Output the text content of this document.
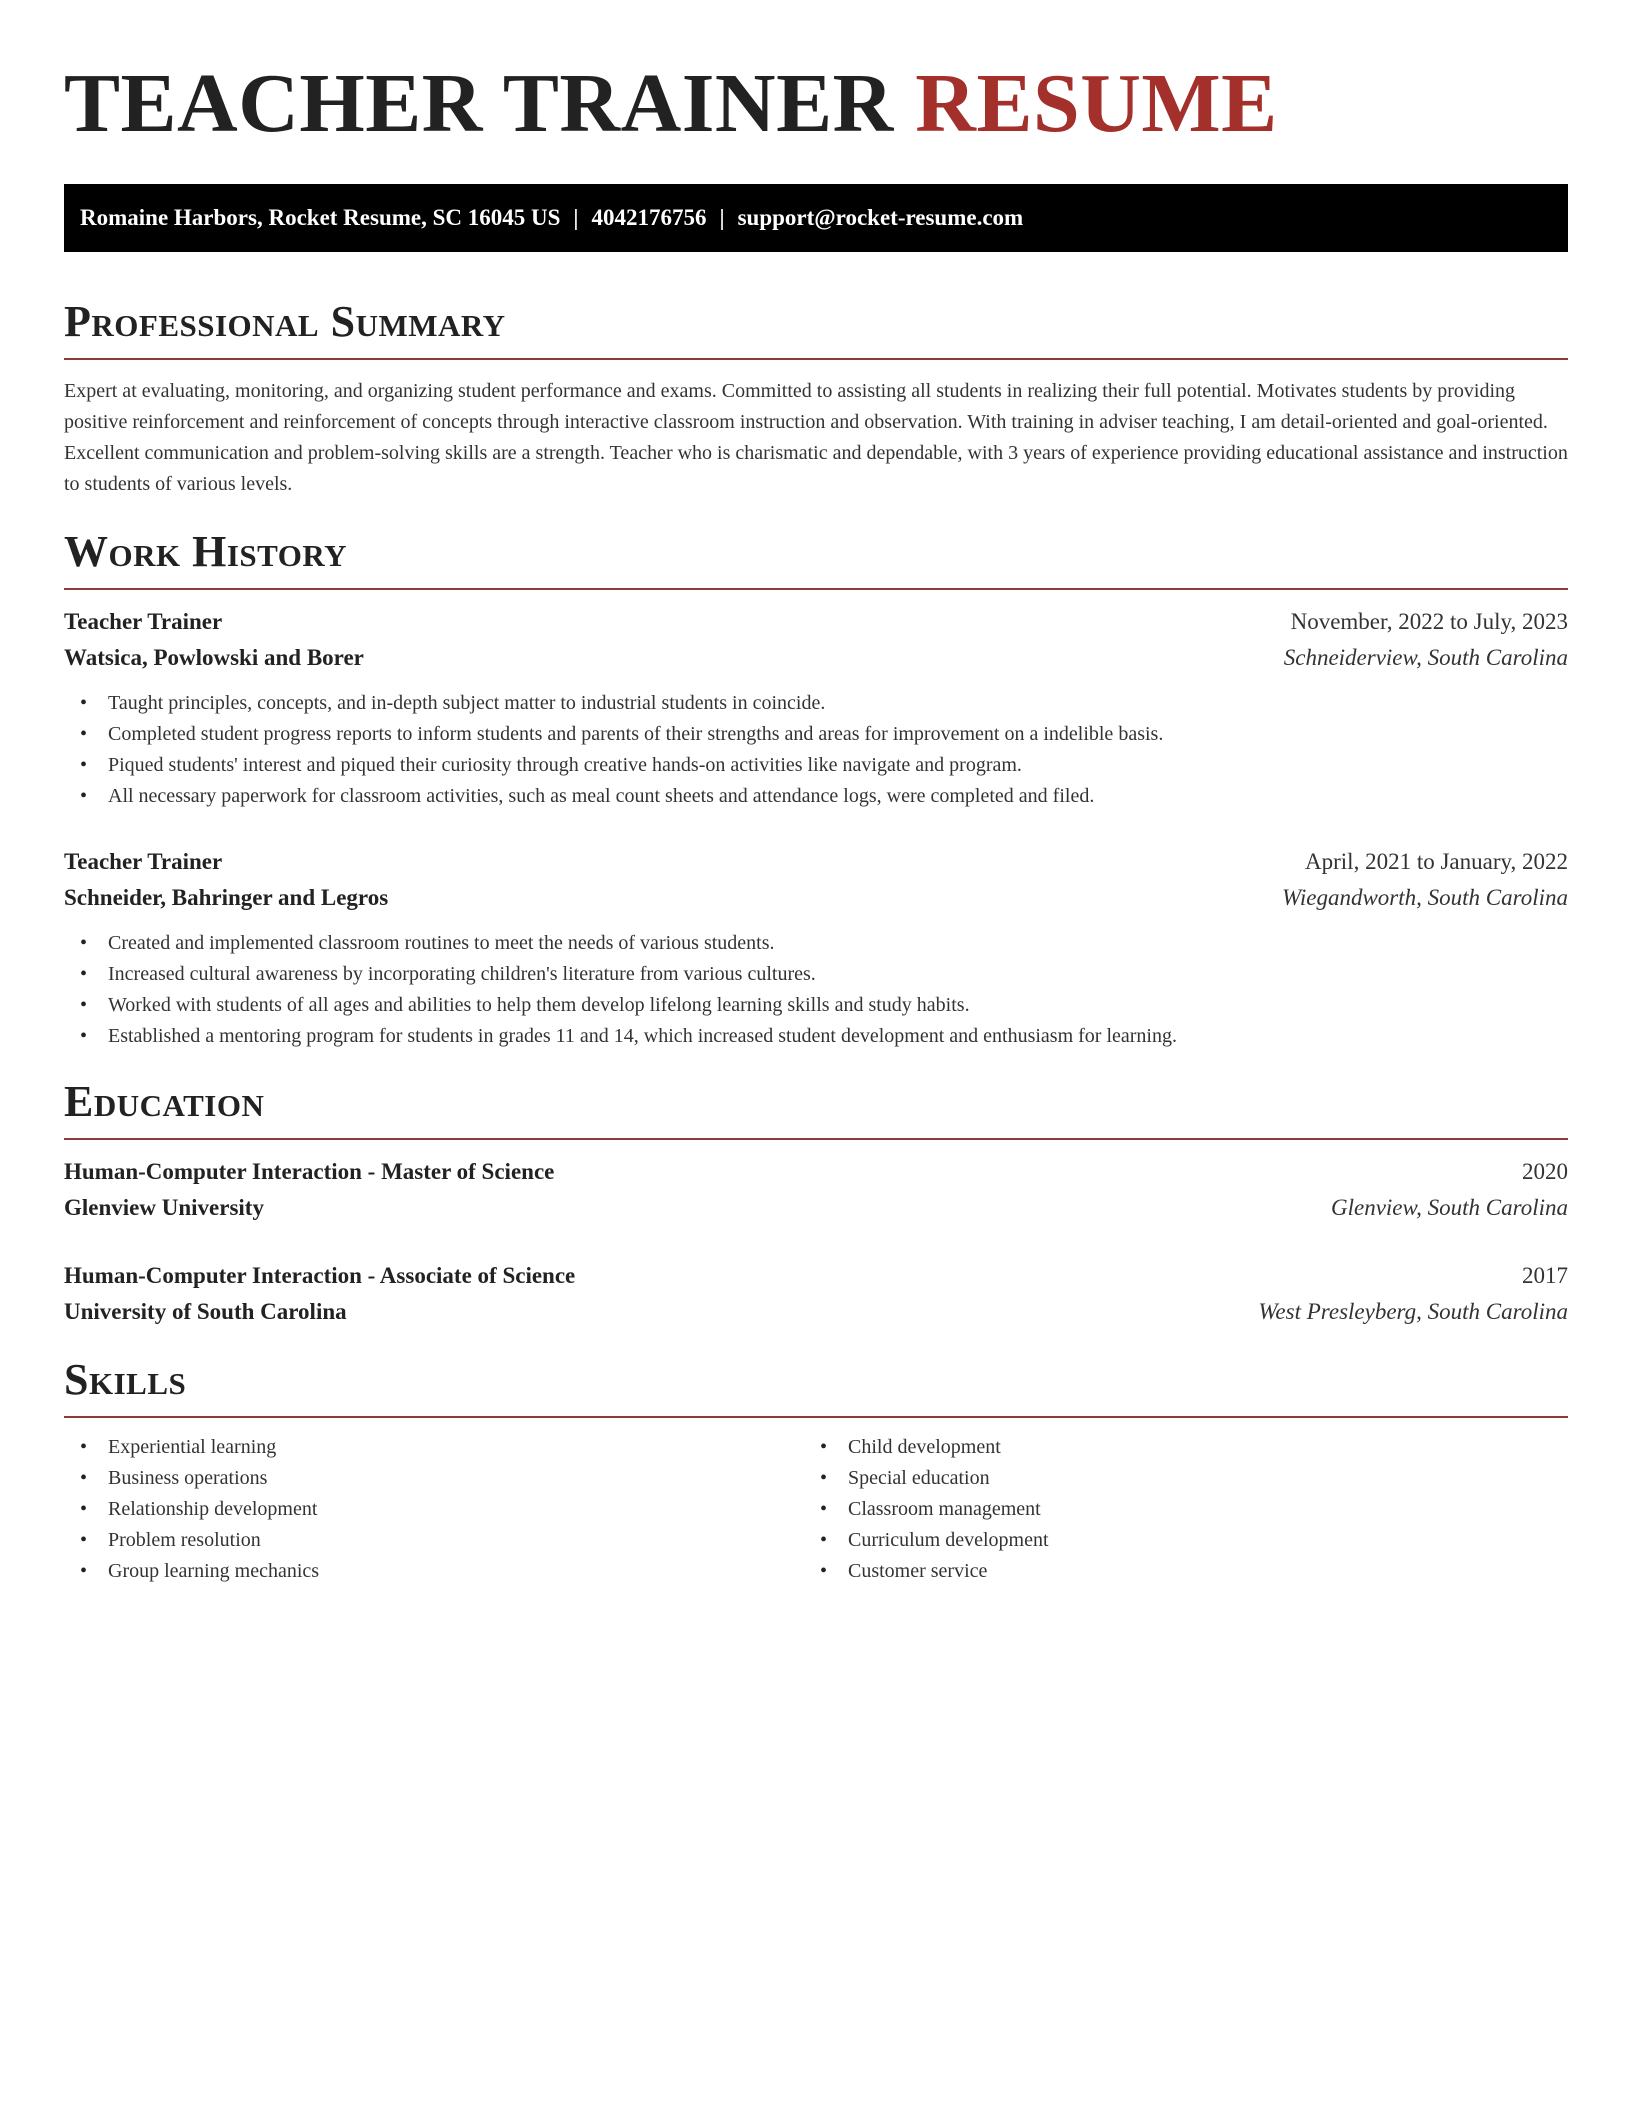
TEACHER TRAINER RESUME
Romaine Harbors, Rocket Resume, SC 16045 US | 4042176756 | support@rocket-resume.com
Professional Summary

Expert at evaluating, monitoring, and organizing student performance and exams. Committed to assisting all students in realizing their full potential. Motivates students by providing positive reinforcement and reinforcement of concepts through interactive classroom instruction and observation. With training in adviser teaching, I am detail-oriented and goal-oriented. Excellent communication and problem-solving skills are a strength. Teacher who is charismatic and dependable, with 3 years of experience providing educational assistance and instruction to students of various levels.

Work History
Teacher Trainer	November, 2022 to July, 2023
Watsica, Powlowski and Borer	Schneiderview, South Carolina
• Taught principles, concepts, and in-depth subject matter to industrial students in coincide.
• Completed student progress reports to inform students and parents of their strengths and areas for improvement on a indelible basis.
• Piqued students' interest and piqued their curiosity through creative hands-on activities like navigate and program.
• All necessary paperwork for classroom activities, such as meal count sheets and attendance logs, were completed and filed.
Teacher Trainer	April, 2021 to January, 2022
Schneider, Bahringer and Legros	Wiegandworth, South Carolina
• Created and implemented classroom routines to meet the needs of various students.
• Increased cultural awareness by incorporating children's literature from various cultures.
• Worked with students of all ages and abilities to help them develop lifelong learning skills and study habits.
• Established a mentoring program for students in grades 11 and 14, which increased student development and enthusiasm for learning.
Education
Human-Computer Interaction - Master of Science	2020
Glenview University	Glenview, South Carolina
Human-Computer Interaction - Associate of Science	2017
University of South Carolina	West Presleyberg, South Carolina
Skills
• Experiential learning
• Business operations
• Relationship development
• Problem resolution
• Group learning mechanics
• Child development
• Special education
• Classroom management
• Curriculum development
• Customer service
